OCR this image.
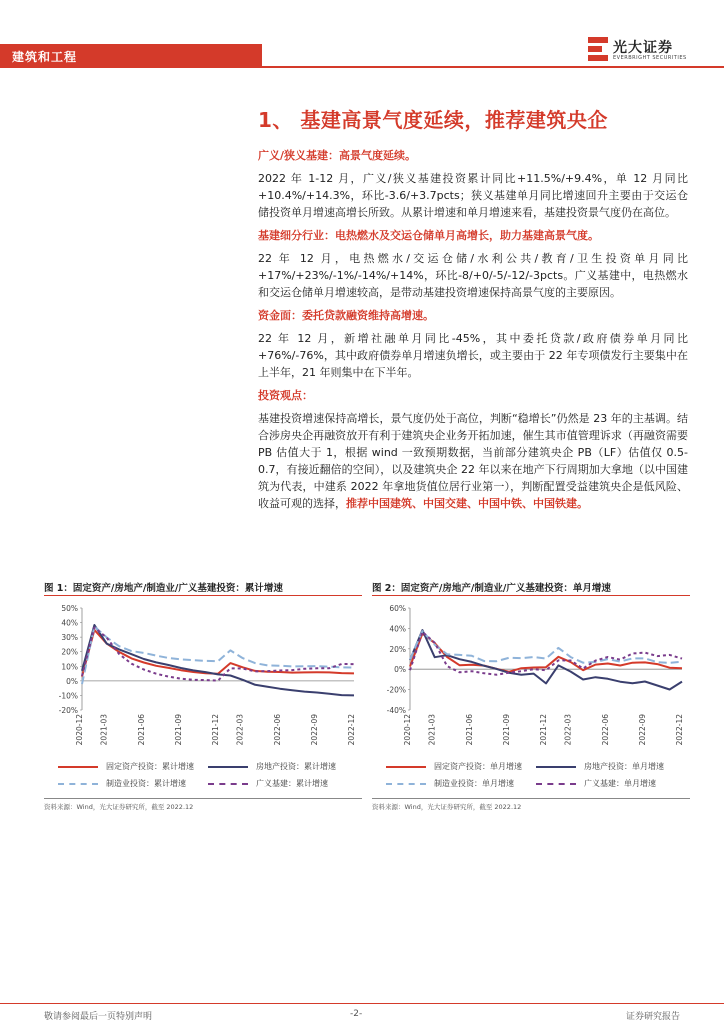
建筑和工程
光大证券
EVERBRIGHT SECURITIES
1、 基建高景气度延续，推荐建筑央企
广义/狭义基建：高景气度延续。
2022 年 1-12 月，广义/狭义基建投资累计同比+11.5%/+9.4%，单 12 月同比+10.4%/+14.3%，环比-3.6/+3.7pcts；狭义基建单月同比增速回升主要由于交运仓储投资单月增速高增长所致。从累计增速和单月增速来看，基建投资景气度仍在高位。
基建细分行业：电热燃水及交运仓储单月高增长，助力基建高景气度。
22 年 12 月，电热燃水/交运仓储/水利公共/教育/卫生投资单月同比+17%/+23%/-1%/-14%/+14%，环比-8/+0/-5/-12/-3pcts。广义基建中，电热燃水和交运仓储单月增速较高，是带动基建投资增速保持高景气度的主要原因。
资金面：委托贷款融资维持高增速。
22 年 12 月，新增社融单月同比-45%，其中委托贷款/政府债券单月同比+76%/-76%，其中政府债券单月增速负增长，或主要由于 22 年专项债发行主要集中在上半年，21 年则集中在下半年。
投资观点：
基建投资增速保持高增长，景气度仍处于高位，判断“稳增长”仍然是 23 年的主基调。结合涉房央企再融资放开有利于建筑央企业务开拓加速，催生其市值管理诉求（再融资需要 PB 估值大于 1，根据 wind 一致预期数据，当前部分建筑央企 PB（LF）估值仅 0.5-0.7，有接近翻倍的空间），以及建筑央企 22 年以来在地产下行周期加大拿地（以中国建筑为代表，中建系 2022 年拿地货值位居行业第一），判断配置受益建筑央企是低风险、收益可观的选择，推荐中国建筑、中国交建、中国中铁、中国铁建。
图 1：固定资产/房地产/制造业/广义基建投资：累计增速
-20%
-10%
0%
10%
20%
30%
40%
50%
2020-12 2021-03	2021-06	2021-09	2021-12 2022-03	2022-06	2022-09	2022-12
固定资产投资：累计增速	房地产投资：累计增速
制造业投资：累计增速	广义基建：累计增速
资料来源：Wind，光大证券研究所，截至 2022.12
图 2：固定资产/房地产/制造业/广义基建投资：单月增速
-40%
-20%
0%
20%
40%
60%
2020-12 2021-03	2021-06	2021-09	2021-12 2022-03	2022-06	2022-09	2022-12
固定资产投资：单月增速	房地产投资：单月增速
制造业投资：单月增速	广义基建：单月增速
资料来源：Wind，光大证券研究所，截至 2022.12
敬请参阅最后一页特别声明	-2-	证券研究报告
